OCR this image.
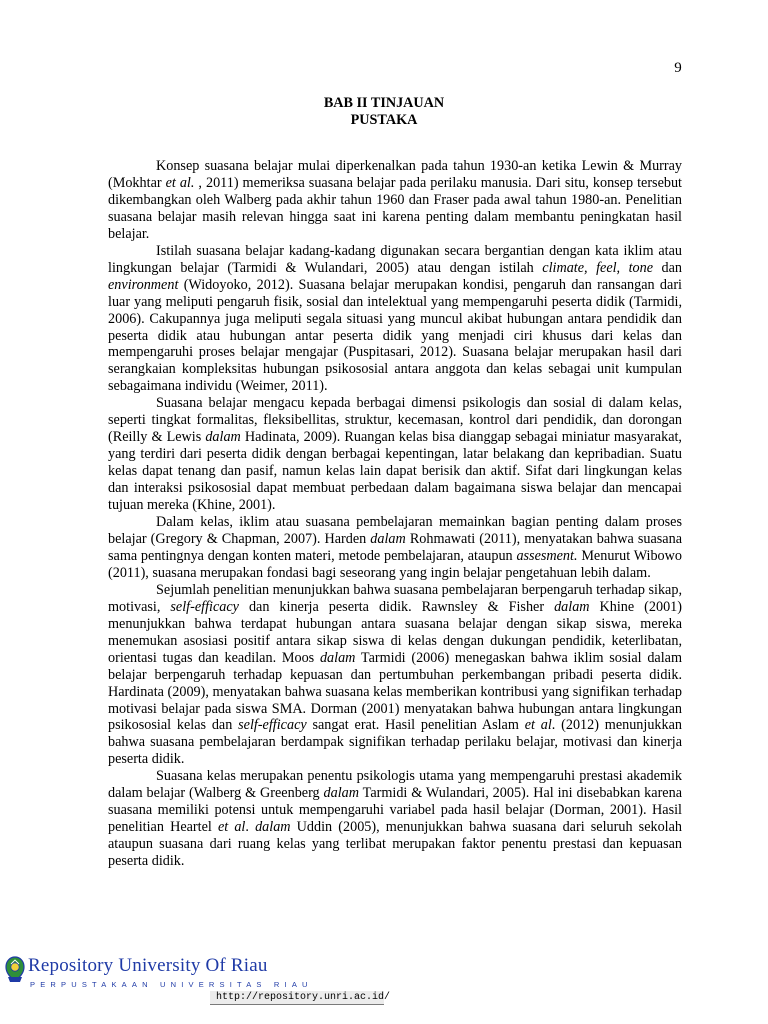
9
BAB II TINJAUAN
PUSTAKA

Konsep suasana belajar mulai diperkenalkan pada tahun 1930-an ketika Lewin & Murray (Mokhtar et al. , 2011) memeriksa suasana belajar pada perilaku manusia. Dari situ, konsep tersebut dikembangkan oleh Walberg pada akhir tahun 1960 dan Fraser pada awal tahun 1980-an. Penelitian suasana belajar masih relevan hingga saat ini karena penting dalam membantu peningkatan hasil belajar.

Istilah suasana belajar kadang-kadang digunakan secara bergantian dengan kata iklim atau lingkungan belajar (Tarmidi & Wulandari, 2005) atau dengan istilah climate, feel, tone dan environment (Widoyoko, 2012). Suasana belajar merupakan kondisi, pengaruh dan ransangan dari luar yang meliputi pengaruh fisik, sosial dan intelektual yang mempengaruhi peserta didik (Tarmidi, 2006). Cakupannya juga meliputi segala situasi yang muncul akibat hubungan antara pendidik dan peserta didik atau hubungan antar peserta didik yang menjadi ciri khusus dari kelas dan mempengaruhi proses belajar mengajar (Puspitasari, 2012). Suasana belajar merupakan hasil dari serangkaian kompleksitas hubungan psikososial antara anggota dan kelas sebagai unit kumpulan sebagaimana individu (Weimer, 2011).

Suasana belajar mengacu kepada berbagai dimensi psikologis dan sosial di dalam kelas, seperti tingkat formalitas, fleksibellitas, struktur, kecemasan, kontrol dari pendidik, dan dorongan (Reilly & Lewis dalam Hadinata, 2009). Ruangan kelas bisa dianggap sebagai miniatur masyarakat, yang terdiri dari peserta didik dengan berbagai kepentingan, latar belakang dan kepribadian. Suatu kelas dapat tenang dan pasif, namun kelas lain dapat berisik dan aktif. Sifat dari lingkungan kelas dan interaksi psikososial dapat membuat perbedaan dalam bagaimana siswa belajar dan mencapai tujuan mereka (Khine, 2001).

Dalam kelas, iklim atau suasana pembelajaran memainkan bagian penting dalam proses belajar (Gregory & Chapman, 2007). Harden dalam Rohmawati (2011), menyatakan bahwa suasana sama pentingnya dengan konten materi, metode pembelajaran, ataupun assesment. Menurut Wibowo (2011), suasana merupakan fondasi bagi seseorang yang ingin belajar pengetahuan lebih dalam.

Sejumlah penelitian menunjukkan bahwa suasana pembelajaran berpengaruh terhadap sikap, motivasi, self-efficacy dan kinerja peserta didik. Rawnsley & Fisher dalam Khine (2001) menunjukkan bahwa terdapat hubungan antara suasana belajar dengan sikap siswa, mereka menemukan asosiasi positif antara sikap siswa di kelas dengan dukungan pendidik, keterlibatan, orientasi tugas dan keadilan. Moos dalam Tarmidi (2006) menegaskan bahwa iklim sosial dalam belajar berpengaruh terhadap kepuasan dan pertumbuhan perkembangan pribadi peserta didik. Hardinata (2009), menyatakan bahwa suasana kelas memberikan kontribusi yang signifikan terhadap motivasi belajar pada siswa SMA. Dorman (2001) menyatakan bahwa hubungan antara lingkungan psikososial kelas dan self-efficacy sangat erat. Hasil penelitian Aslam et al. (2012) menunjukkan bahwa suasana pembelajaran berdampak signifikan terhadap perilaku belajar, motivasi dan kinerja peserta didik.

Suasana kelas merupakan penentu psikologis utama yang mempengaruhi prestasi akademik dalam belajar (Walberg & Greenberg dalam Tarmidi & Wulandari, 2005). Hal ini disebabkan karena suasana memiliki potensi untuk mempengaruhi variabel pada hasil belajar (Dorman, 2001). Hasil penelitian Heartel et al. dalam Uddin (2005), menunjukkan bahwa suasana dari seluruh sekolah ataupun suasana dari ruang kelas yang terlibat merupakan faktor penentu prestasi dan kepuasan peserta didik.

Repository University Of Riau
PERPUSTAKAAN UNIVERSITAS RIAU
http://repository.unri.ac.id/
